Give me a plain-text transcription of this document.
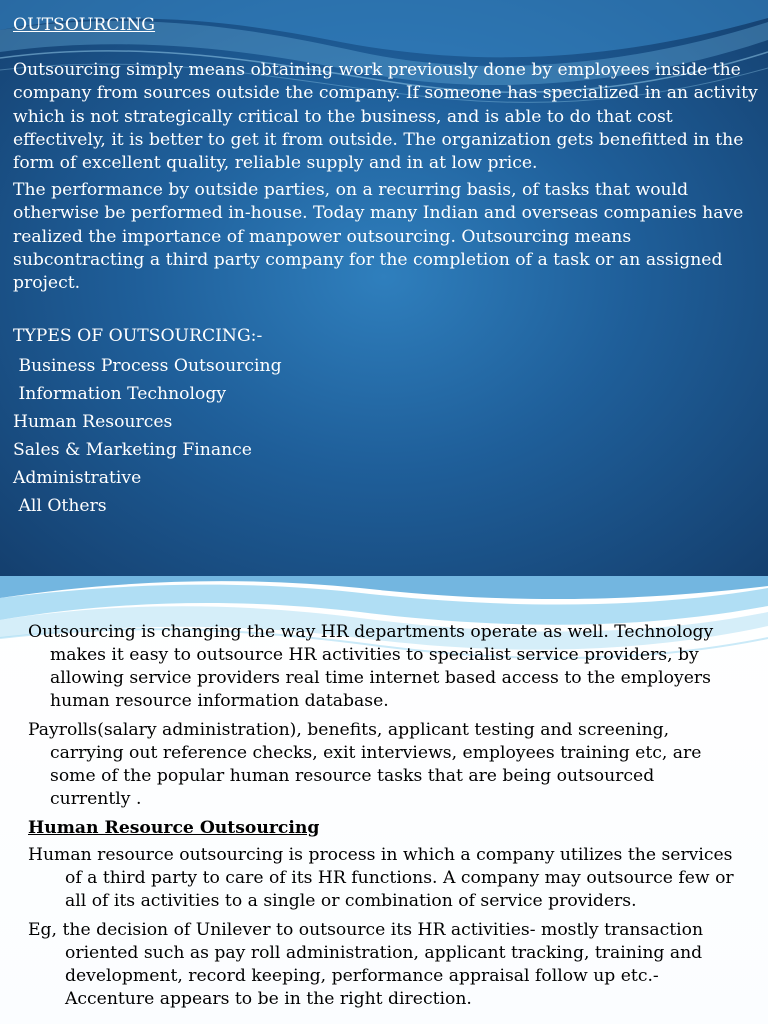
OUTSOURCING

Outsourcing simply means obtaining work previously done by employees inside the company from sources outside the company. If someone has specialized in an activity which is not strategically critical to the business, and is able to do that cost effectively, it is better to get it from outside. The organization gets benefitted in the form of excellent quality, reliable supply and in at low price.

The performance by outside parties, on a recurring basis, of tasks that would otherwise be performed in-house. Today many Indian and overseas companies have realized the importance of manpower outsourcing. Outsourcing means subcontracting a third party company for the completion of a task or an assigned project.

TYPES OF OUTSOURCING:-
Business Process Outsourcing
Information Technology
Human Resources
Sales & Marketing Finance
Administrative
All Others

Outsourcing is changing the way HR departments operate as well. Technology makes it easy to outsource HR activities to specialist service providers, by allowing service providers real time internet based access to the employers human resource information database.

Payrolls(salary administration), benefits, applicant testing and screening, carrying out reference checks, exit interviews, employees training etc, are some of the popular human resource tasks that are being outsourced currently .

Human Resource Outsourcing

Human resource outsourcing is process in which a company utilizes the services of a third party to care of its HR functions. A company may outsource few or all of its activities to a single or combination of service providers.

Eg, the decision of Unilever to outsource its HR activities- mostly transaction oriented such as pay roll administration, applicant tracking, training and development, record keeping, performance appraisal follow up etc.- Accenture appears to be in the right direction.
